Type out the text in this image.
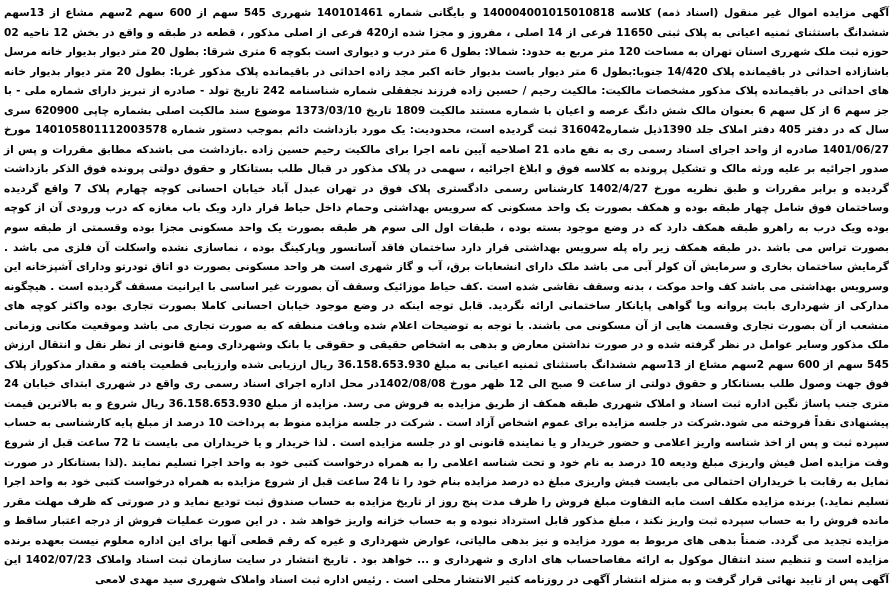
آگهی مزایده اموال غیر منقول (اسناد ذمه) کلاسه 140004001015010818 و بایگانی شماره 140101461 شهرری 545 سهم از 600 سهم 2سهم مشاع از 13سهم ششدانگ باستثنای ثمنیه اعیانی به پلاک ثبتی 11650 فرعی از 14 اصلی ، مفروز و مجزا شده از420 فرعی از اصلی مذکور ، قطعه در طبقه و واقع در بخش 12 ناحیه 02 حوزه ثبت ملک شهرری استان تهران به مساحت 120 متر مربع به حدود: شمالا: بطول 6 متر درب و دیواری است بکوچه 6 متری شرقا: بطول 20 متر دیوار بدیوار خانه مرسل باشازاده احداثی در باقیمانده پلاک 14/420 جنوبا:بطول 6 متر دیوار باست بدیوار خانه اکبر مجد زاده احداثی در باقیمانده پلاک مذکور غربا: بطول 20 متر دیوار بدیوار خانه های احداثی در باقیمانده پلاک مذکور مشخصات مالکیت: مالکیت رحیم / حسین زاده فرزند نجفقلی شماره شناسنامه 242 تاریخ تولد - صادره از تبریز دارای شماره ملی - با جز سهم 6 از کل سهم 6 بعنوان مالک شش دانگ عرصه و اعیان با شماره مستند مالکیت 1809 تاریخ 1373/03/10 موضوع سند مالکیت اصلی بشماره چاپی 620900 سری سال که در دفتر 405 دفتر املاک جلد 1390ذیل شماره316042 ثبت گردیده است، محدودیت: یک مورد بازداشت دائم بموجب دستور شماره 140105801112003578 مورخ 1401/06/27 صادره از واحد اجرای اسناد رسمی ری به نفع ماده 21 اصلاحیه آیین نامه اجرا برای مالکیت رحیم حسین زاده .بازداشت می باشدکه مطابق مقررات و پس از صدور اجرائیه بر علیه ورثه مالک و تشکیل پرونده به کلاسه فوق و ابلاغ اجرائیه ، سهمی در پلاک مذکور در قبال طلب بستانکار و حقوق دولتی پرونده فوق الذکر بازداشت گردیده و برابر مقررات و طبق نظریه مورخ 1402/4/27 کارشناس رسمی دادگستری پلاک فوق در تهران عبدل آباد خیابان احسانی کوچه چهارم پلاک 7 واقع گردیده وساختمان فوق شامل چهار طبقه بوده و همکف بصورت یک واحد مسکونی که سرویس بهداشتی وحمام داخل حیاط قرار دارد ویک باب مغازه که درب ورودی آن از کوچه بوده ویک درب به راهرو طبقه همکف دارد که در وضع موجود بسته بوده ، طبقات اول الی سوم هر طبقه بصورت یک واحد مسکونی مجزا بوده وقسمتی از طبقه سوم بصورت تراس می باشد .در طبقه همکف زیر راه پله سرویس بهداشتی قرار دارد ساختمان فاقد آسانسور وپارکینگ بوده ، نماسازی نشده واسکلت آن فلزی می باشد . گرمایش ساختمان بخاری و سرمایش آن کولر آبی می باشد ملک دارای انشعابات برق، آب و گاز شهری است هر واحد مسکونی بصورت دو اتاق تودرتو ودارای آشپزخانه این وسرویس بهداشتی می باشد کف واحد موکت ، بدنه وسقف نقاشی شده است .کف حیاط موزائیک وسقف آن بصورت غیر اساسی با ایرانیت مسقف گردیده است . هیچگونه مدارکی از شهرداری بابت پروانه ویا گواهی پایانکار ساختمانی ارائه نگردید. قابل توجه اینکه در وضع موجود خیابان احسانی کاملا بصورت تجاری بوده واکثر کوچه های منشعب از آن بصورت تجاری وقسمت هایی از آن مسکونی می باشند. با توجه به توضیحات اعلام شده وبافت منطقه که به صورت تجاری می باشد وموقعیت مکانی وزمانی ملک مذکور وسایر عوامل در نظر گرفته شده و در صورت نداشتن معارض و بدهی به اشخاص حقیقی و حقوقی یا بانک وشهرداری ومنع قانونی از نظر نقل و انتقال ارزش 545 سهم از 600 سهم 2سهم مشاع از 13سهم ششدانگ باستثنای ثمنیه اعیانی به مبلغ 36.158.653.930 ریال ارزیابی شده وارزیابی قطعیت یافته و مقدار مذکوراز پلاک فوق جهت وصول طلب بستانکار و حقوق دولتی از ساعت 9 صبح الی 12 ظهر مورخ 1402/08/08در محل اداره اجرای اسناد رسمی ری واقع در شهرری ابتدای خیابان 24 متری جنب پاساژ نگین اداره ثبت اسناد و املاک شهرری طبقه همکف از طریق مزایده به فروش می رسد. مزایده از مبلغ 36.158.653.930 ریال شروع و به بالاترین قیمت پیشنهادی نقداً فروخته می شود.شرکت در جلسه مزایده برای عموم اشخاص آزاد است . شرکت در جلسه مزایده منوط به پرداخت 10 درصد از مبلغ پایه کارشناسی به حساب سپرده ثبت و پس از اخذ شناسه واریز اعلامی و حضور خریدار و یا نماینده قانونی او در جلسه مزایده است . لذا خریدار و یا خریداران می بایست تا 72 ساعت قبل از شروع وقت مزایده اصل فیش واریزی مبلغ ودیعه 10 درصد به نام خود و تحت شناسه اعلامی را به همراه درخواست کتبی خود به واحد اجرا تسلیم نمایند .(لذا بستانکار در صورت تمایل به رقابت با خریداران احتمالی می بایست فیش واریزی مبلغ ده درصد مزایده بنام خود را تا 24 ساعت قبل از شروع مزایده به همراه درخواست کتبی خود به واحد اجرا تسلیم نماید.) برنده مزایده مکلف است مابه التفاوت مبلغ فروش را ظرف مدت پنج روز از تاریخ مزایده به حساب صندوق ثبت تودیع نماید و در صورتی که ظرف مهلت مقرر مانده فروش را به حساب سپرده ثبت واریز نکند ، مبلغ مذکور قابل استرداد نبوده و به حساب خزانه واریز خواهد شد . در این صورت عملیات فروش از درجه اعتبار ساقط و مزایده تجدید می گردد. ضمناً بدهی های مربوط به مورد مزایده و نیز بدهی مالیاتی، عوارض شهرداری و غیره که رقم قطعی آنها برای این اداره معلوم نیست بعهده برنده مزایده است و تنظیم سند انتقال موکول به ارائه مفاصاحساب های اداری و شهرداری و ... خواهد بود . تاریخ انتشار در سایت سازمان ثبت اسناد واملاک 1402/07/23 این آگهی پس از تایید نهائی قرار گرفت و به منزله انتشار آگهی در روزنامه کثیر الانتشار محلی است . رئیس اداره ثبت اسناد واملاک شهرری سید مهدی لامعی
